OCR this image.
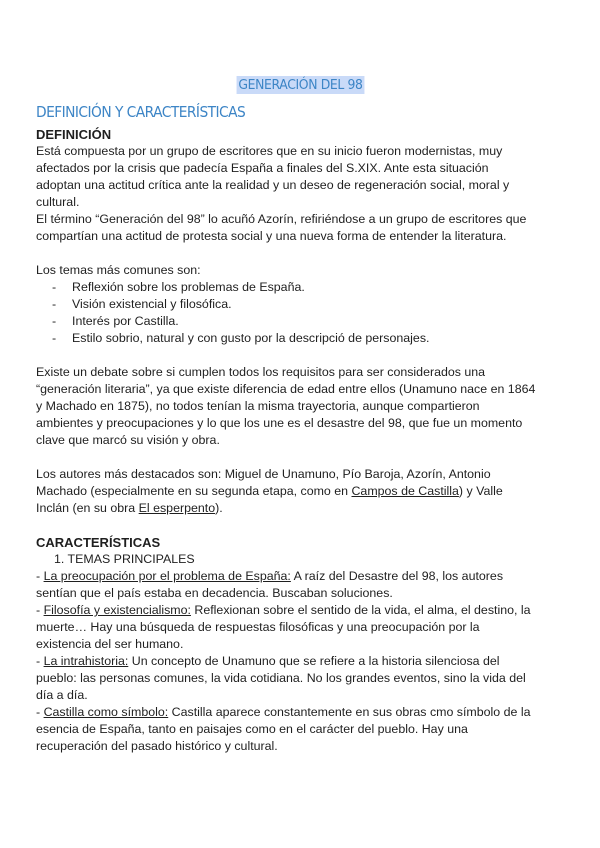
GENERACIÓN DEL 98
DEFINICIÓN Y CARACTERÍSTICAS
DEFINICIÓN

Está compuesta por un grupo de escritores que en su inicio fueron modernistas, muy

afectados por la crisis que padecía España a finales del S.XIX. Ante esta situación

adoptan una actitud crítica ante la realidad y un deseo de regeneración social, moral y

cultural.

El término “Generación del 98” lo acuñó Azorín, refiriéndose a un grupo de escritores que

compartían una actitud de protesta social y una nueva forma de entender la literatura.

Los temas más comunes son:

- Reflexión sobre los problemas de España.
- Visión existencial y filosófica.
- Interés por Castilla.
- Estilo sobrio, natural y con gusto por la descripció de personajes.

Existe un debate sobre si cumplen todos los requisitos para ser considerados una

“generación literaria”, ya que existe diferencia de edad entre ellos (Unamuno nace en 1864

y Machado en 1875), no todos tenían la misma trayectoria, aunque compartieron

ambientes y preocupaciones y lo que los une es el desastre del 98, que fue un momento

clave que marcó su visión y obra.

Los autores más destacados son: Miguel de Unamuno, Pío Baroja, Azorín, Antonio

Machado (especialmente en su segunda etapa, como en Campos de Castilla) y Valle

Inclán (en su obra El esperpento).

CARACTERÍSTICAS
1. TEMAS PRINCIPALES

- La preocupación por el problema de España: A raíz del Desastre del 98, los autores

sentían que el país estaba en decadencia. Buscaban soluciones.

- Filosofía y existencialismo: Reflexionan sobre el sentido de la vida, el alma, el destino, la

muerte… Hay una búsqueda de respuestas filosóficas y una preocupación por la

existencia del ser humano.

- La intrahistoria: Un concepto de Unamuno que se refiere a la historia silenciosa del

pueblo: las personas comunes, la vida cotidiana. No los grandes eventos, sino la vida del

día a día.

- Castilla como símbolo: Castilla aparece constantemente en sus obras cmo símbolo de la

esencia de España, tanto en paisajes como en el carácter del pueblo. Hay una

recuperación del pasado histórico y cultural.
